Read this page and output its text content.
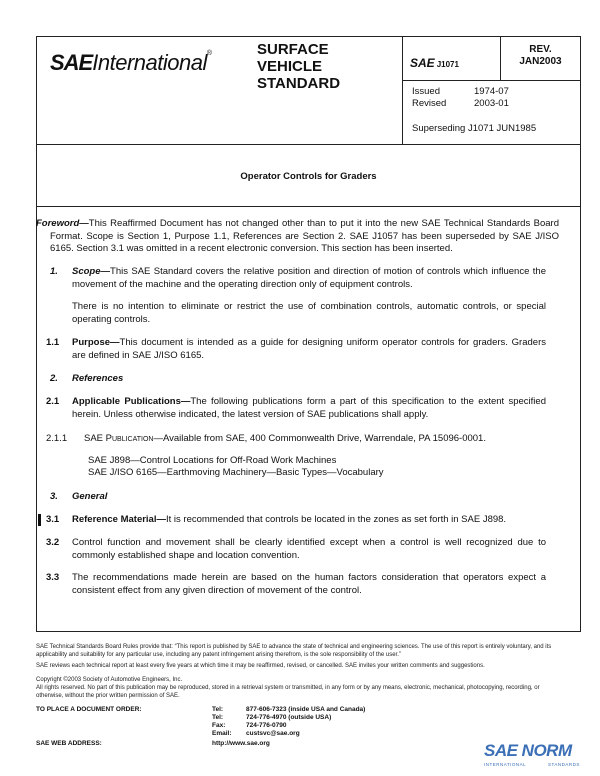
SAEInternational®	SURFACE
VEHICLE
STANDARD
SAE J1071
REV.
JAN2003
Issued	1974-07
Revised	2003-01
Superseding J1071 JUN1985
Operator Controls for Graders
Foreword—This Reaffirmed Document has not changed other than to put it into the new SAE Technical Standards Board Format. Scope is Section 1, Purpose 1.1, References are Section 2. SAE J1057 has been superseded by SAE J/ISO 6165. Section 3.1 was omitted in a recent electronic conversion. This section has been inserted.
1. Scope—This SAE Standard covers the relative position and direction of motion of controls which influence the movement of the machine and the operating direction only of equipment controls.
There is no intention to eliminate or restrict the use of combination controls, automatic controls, or special operating controls.
1.1 Purpose—This document is intended as a guide for designing uniform operator controls for graders. Graders are defined in SAE J/ISO 6165.
2. References
2.1 Applicable Publications—The following publications form a part of this specification to the extent specified herein. Unless otherwise indicated, the latest version of SAE publications shall apply.
2.1.1 SAE Publication—Available from SAE, 400 Commonwealth Drive, Warrendale, PA 15096-0001.
SAE J898—Control Locations for Off-Road Work Machines
SAE J/ISO 6165—Earthmoving Machinery—Basic Types—Vocabulary
3. General
3.1 Reference Material—It is recommended that controls be located in the zones as set forth in SAE J898.
3.2 Control function and movement shall be clearly identified except when a control is well recognized due to commonly established shape and location convention.
3.3 The recommendations made herein are based on the human factors consideration that operators expect a consistent effect from any given direction of movement of the control.
SAE Technical Standards Board Rules provide that: “This report is published by SAE to advance the state of technical and engineering sciences. The use of this report is entirely voluntary, and its applicability and suitability for any particular use, including any patent infringement arising therefrom, is the sole responsibility of the user.”
SAE reviews each technical report at least every five years at which time it may be reaffirmed, revised, or cancelled. SAE invites your written comments and suggestions.
Copyright ©2003 Society of Automotive Engineers, Inc.
All rights reserved. No part of this publication may be reproduced, stored in a retrieval system or transmitted, in any form or by any means, electronic, mechanical, photocopying, recording, or otherwise, without the prior written permission of SAE.
TO PLACE A DOCUMENT ORDER:	Tel:	877-606-7323 (inside USA and Canada)
Tel:	724-776-4970 (outside USA)
Fax:	724-776-0790
Email: custsvc@sae.org
SAE WEB ADDRESS:	http://www.sae.org	SAE NORM
INTERNATIONAL	STANDARDS
